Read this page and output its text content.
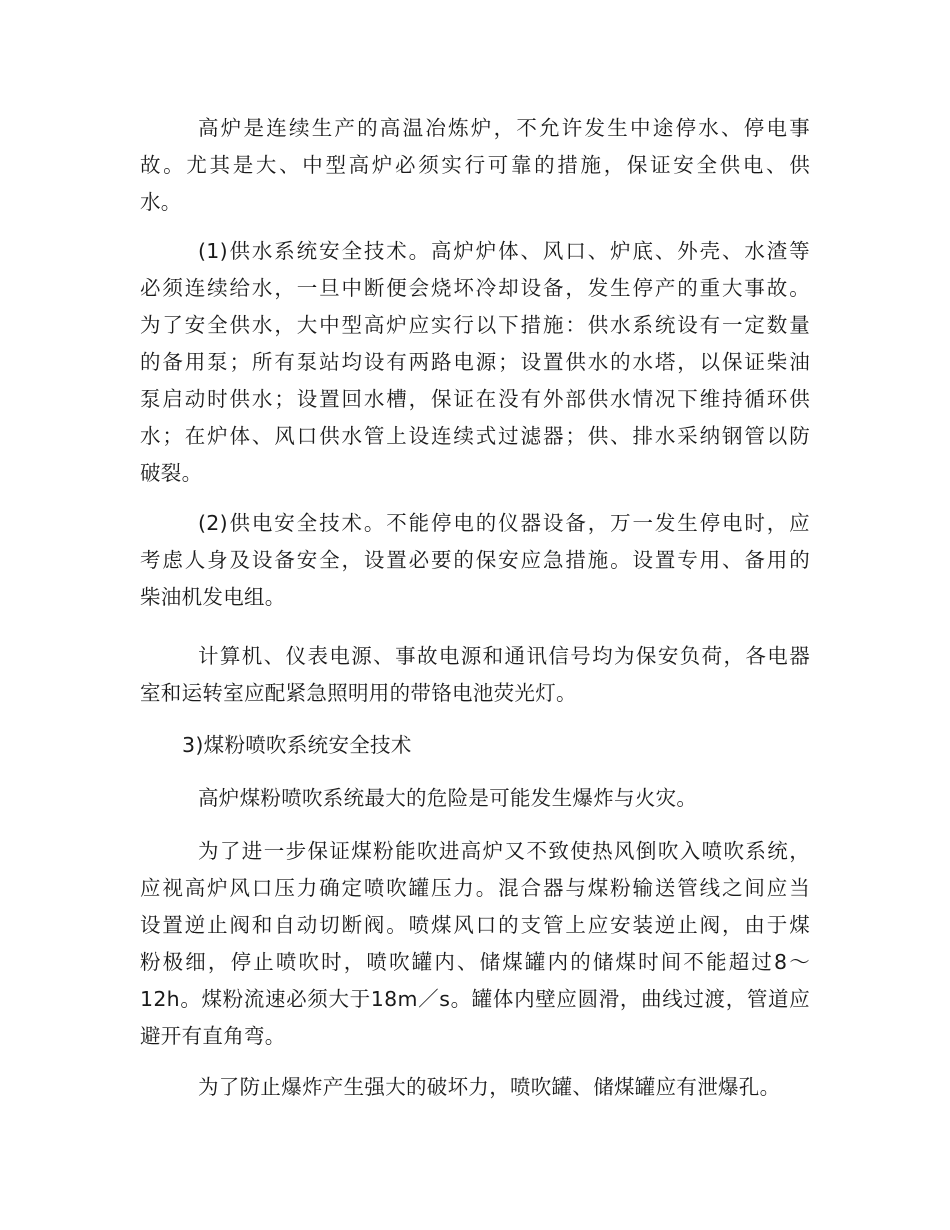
高炉是连续生产的高温冶炼炉，不允许发生中途停水、停电事
故。尤其是大、中型高炉必须实行可靠的措施，保证安全供电、供
水。
(1)供水系统安全技术。高炉炉体、风口、炉底、外壳、水渣等
必须连续给水，一旦中断便会烧坏冷却设备，发生停产的重大事故。
为了安全供水，大中型高炉应实行以下措施：供水系统设有一定数量
的备用泵；所有泵站均设有两路电源；设置供水的水塔，以保证柴油
泵启动时供水；设置回水槽，保证在没有外部供水情况下维持循环供
水；在炉体、风口供水管上设连续式过滤器；供、排水采纳钢管以防
破裂。
(2)供电安全技术。不能停电的仪器设备，万一发生停电时，应
考虑人身及设备安全，设置必要的保安应急措施。设置专用、备用的
柴油机发电组。
计算机、仪表电源、事故电源和通讯信号均为保安负荷，各电器
室和运转室应配紧急照明用的带铬电池荧光灯。
3)煤粉喷吹系统安全技术
高炉煤粉喷吹系统最大的危险是可能发生爆炸与火灾。
为了进一步保证煤粉能吹进高炉又不致使热风倒吹入喷吹系统，
应视高炉风口压力确定喷吹罐压力。混合器与煤粉输送管线之间应当
设置逆止阀和自动切断阀。喷煤风口的支管上应安装逆止阀，由于煤
粉极细，停止喷吹时，喷吹罐内、储煤罐内的储煤时间不能超过8～
12h。煤粉流速必须大于18m／s。罐体内壁应圆滑，曲线过渡，管道应
避开有直角弯。
为了防止爆炸产生强大的破坏力，喷吹罐、储煤罐应有泄爆孔。
